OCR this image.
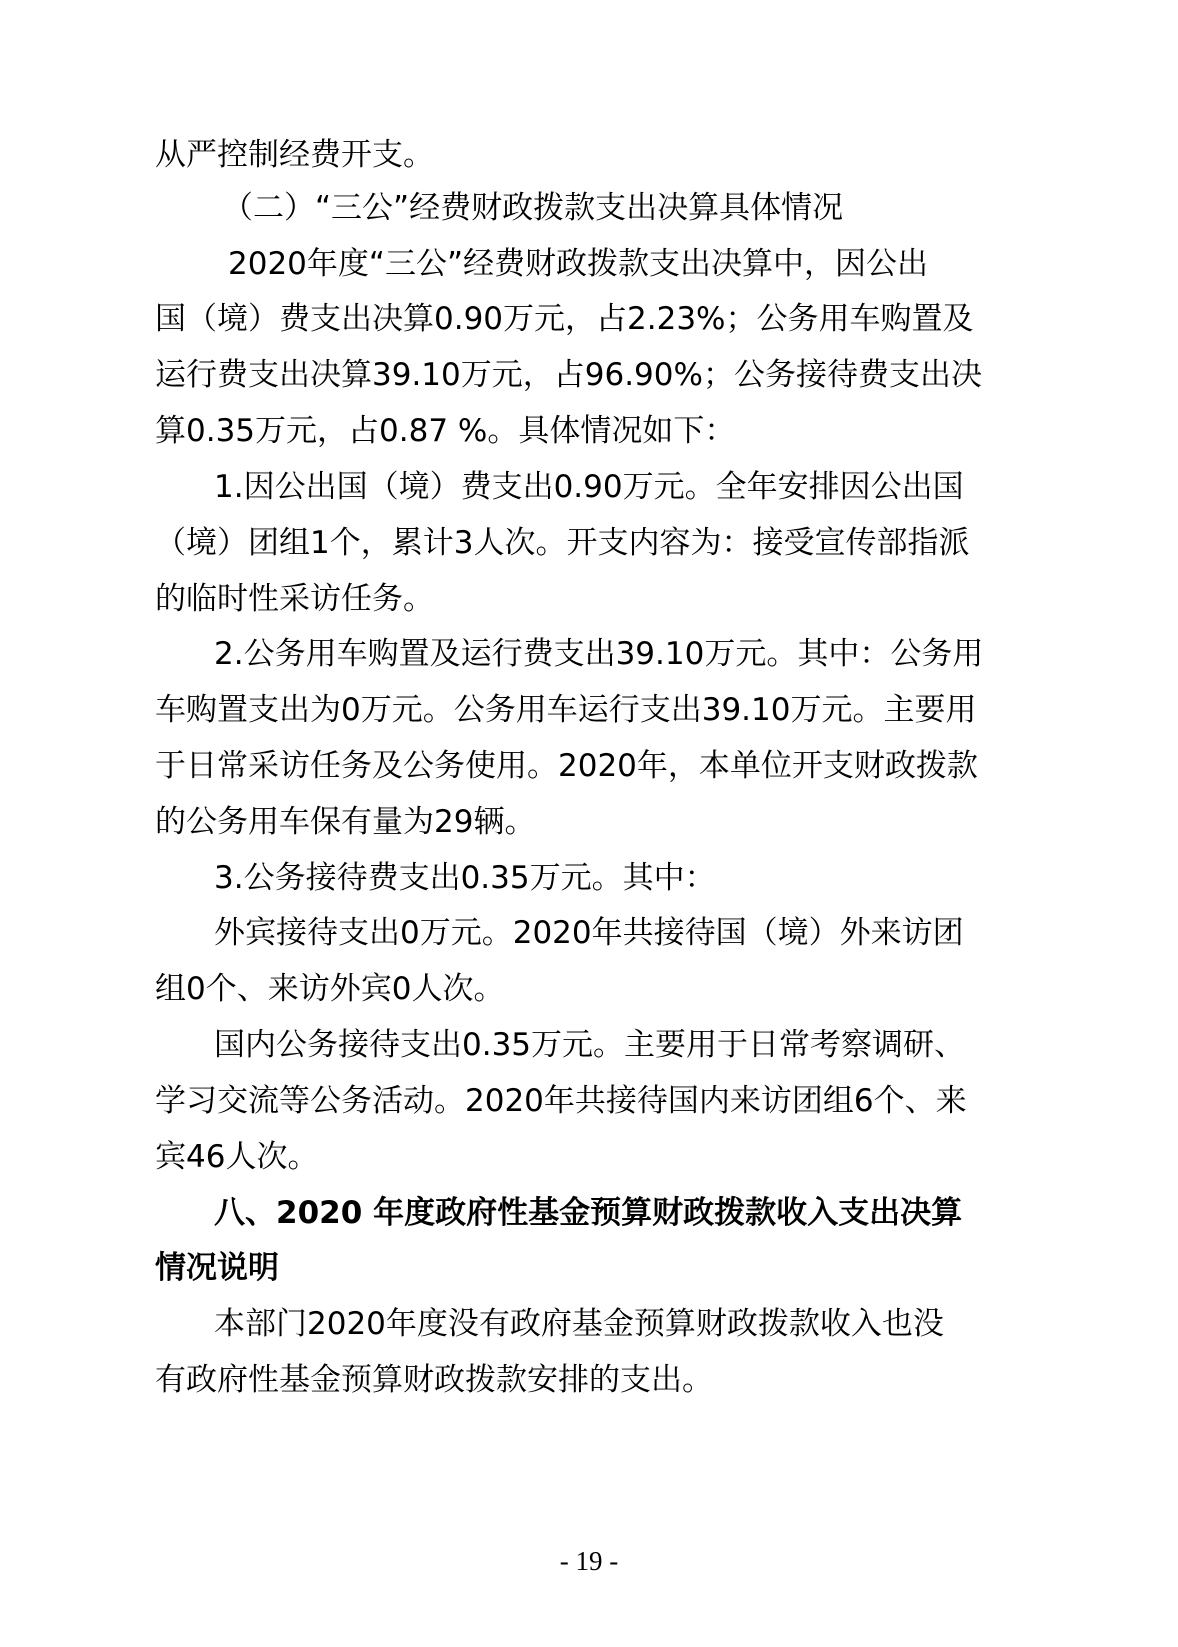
从严控制经费开支。
（二）“三公”经费财政拨款支出决算具体情况
2020年度“三公”经费财政拨款支出决算中，因公出
国（境）费支出决算0.90万元，占2.23%；公务用车购置及
运行费支出决算39.10万元，占96.90%；公务接待费支出决
算0.35万元，占0.87 %。具体情况如下：
1.因公出国（境）费支出0.90万元。全年安排因公出国
（境）团组1个，累计3人次。开支内容为：接受宣传部指派
的临时性采访任务。
2.公务用车购置及运行费支出39.10万元。其中：公务用
车购置支出为0万元。公务用车运行支出39.10万元。主要用
于日常采访任务及公务使用。2020年，本单位开支财政拨款
的公务用车保有量为29辆。
3.公务接待费支出0.35万元。其中：
外宾接待支出0万元。2020年共接待国（境）外来访团
组0个、来访外宾0人次。
国内公务接待支出0.35万元。主要用于日常考察调研、
学习交流等公务活动。2020年共接待国内来访团组6个、来
宾46人次。
八、2020 年度政府性基金预算财政拨款收入支出决算
情况说明
本部门2020年度没有政府基金预算财政拨款收入也没
有政府性基金预算财政拨款安排的支出。
- 19 -
